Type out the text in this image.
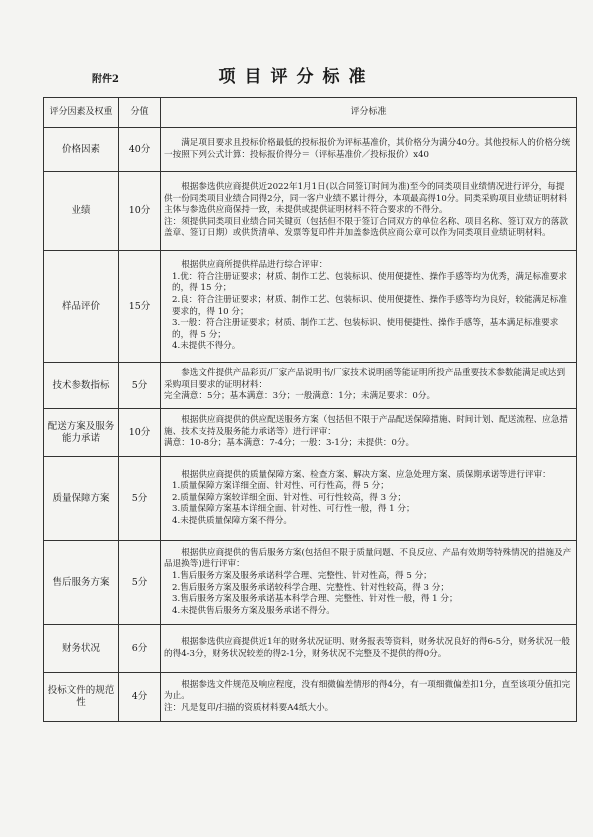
附件2	项目评分标准
评分因素及权重	分值	评分标准
价格因素	40分	满足项目要求且投标价格最低的投标报价为评标基准价，其价格分为满分40分。其他投标人的价格分统一按照下列公式计算：投标报价得分＝（评标基准价／投标报价）x40

业绩	10分	根据参选供应商提供近2022年1月1日(以合同签订时间为准)至今的同类项目业绩情况进行评分，每提供一份同类项目业绩合同得2分，同一客户业绩不累计得分，本项最高得10分。同类采购项目业绩证明材料主体与参选供应商保持一致，未提供或提供证明材料不符合要求的不得分。

注：须提供同类项目业绩合同关键页（包括但不限于签订合同双方的单位名称、项目名称、签订双方的落款盖章、签订日期）或供货清单、发票等复印件并加盖参选供应商公章可以作为同类项目业绩证明材料。

样品评价	15分	根据供应商所提供样品进行综合评审：

1.优：符合注册证要求；材质、制作工艺、包装标识、使用便捷性、操作手感等均为优秀，满足标准要求的，得 15 分；

2.良：符合注册证要求；材质、制作工艺、包装标识、使用便捷性、操作手感等均为良好，较能满足标准要求的，得 10 分；

3.一般：符合注册证要求；材质、制作工艺、包装标识、使用便捷性、操作手感等，基本满足标准要求的，得 5 分；

4.未提供不得分。

技术参数指标	5分	参选文件提供产品彩页/厂家产品说明书/厂家技术说明函等能证明所投产品重要技术参数能满足或达到采购项目要求的证明材料：

完全满意：5分；基本满意：3分；一般满意：1分；未满足要求：0分。

配送方案及服务能力承诺	10分	根据供应商提供的供应配送服务方案（包括但不限于产品配送保障措施、时间计划、配送流程、应急措施、技术支持及服务能力承诺等）进行评审：

满意：10-8分；基本满意：7-4分；一般：3-1分；未提供：0分。

质量保障方案	5分	根据供应商提供的质量保障方案、检查方案、解决方案、应急处理方案、质保期承诺等进行评审：

1.质量保障方案详细全面、针对性、可行性高，得 5 分；

2.质量保障方案较详细全面、针对性、可行性较高，得 3 分；

3.质量保障方案基本详细全面、针对性、可行性一般，得 1 分；

4.未提供质量保障方案不得分。

售后服务方案	5分	根据供应商提供的售后服务方案(包括但不限于质量问题、不良反应、产品有效期等特殊情况的措施及产品退换等)进行评审：

1.售后服务方案及服务承诺科学合理、完整性、针对性高，得 5 分；

2.售后服务方案及服务承诺较科学合理、完整性、针对性较高，得 3 分；

3.售后服务方案及服务承诺基本科学合理、完整性、针对性一般，得 1 分；

4.未提供售后服务方案及服务承诺不得分。

财务状况	6分	根据参选供应商提供近1年的财务状况证明、财务报表等资料，财务状况良好的得6-5分，财务状况一般的得4-3分，财务状况较差的得2-1分，财务状况不完整及不提供的得0分。

投标文件的规范性	4分	根据参选文件规范及响应程度，没有细微偏差情形的得4分，有一项细微偏差扣1分，直至该项分值扣完为止。

注：凡是复印/扫描的资质材料要A4纸大小。
